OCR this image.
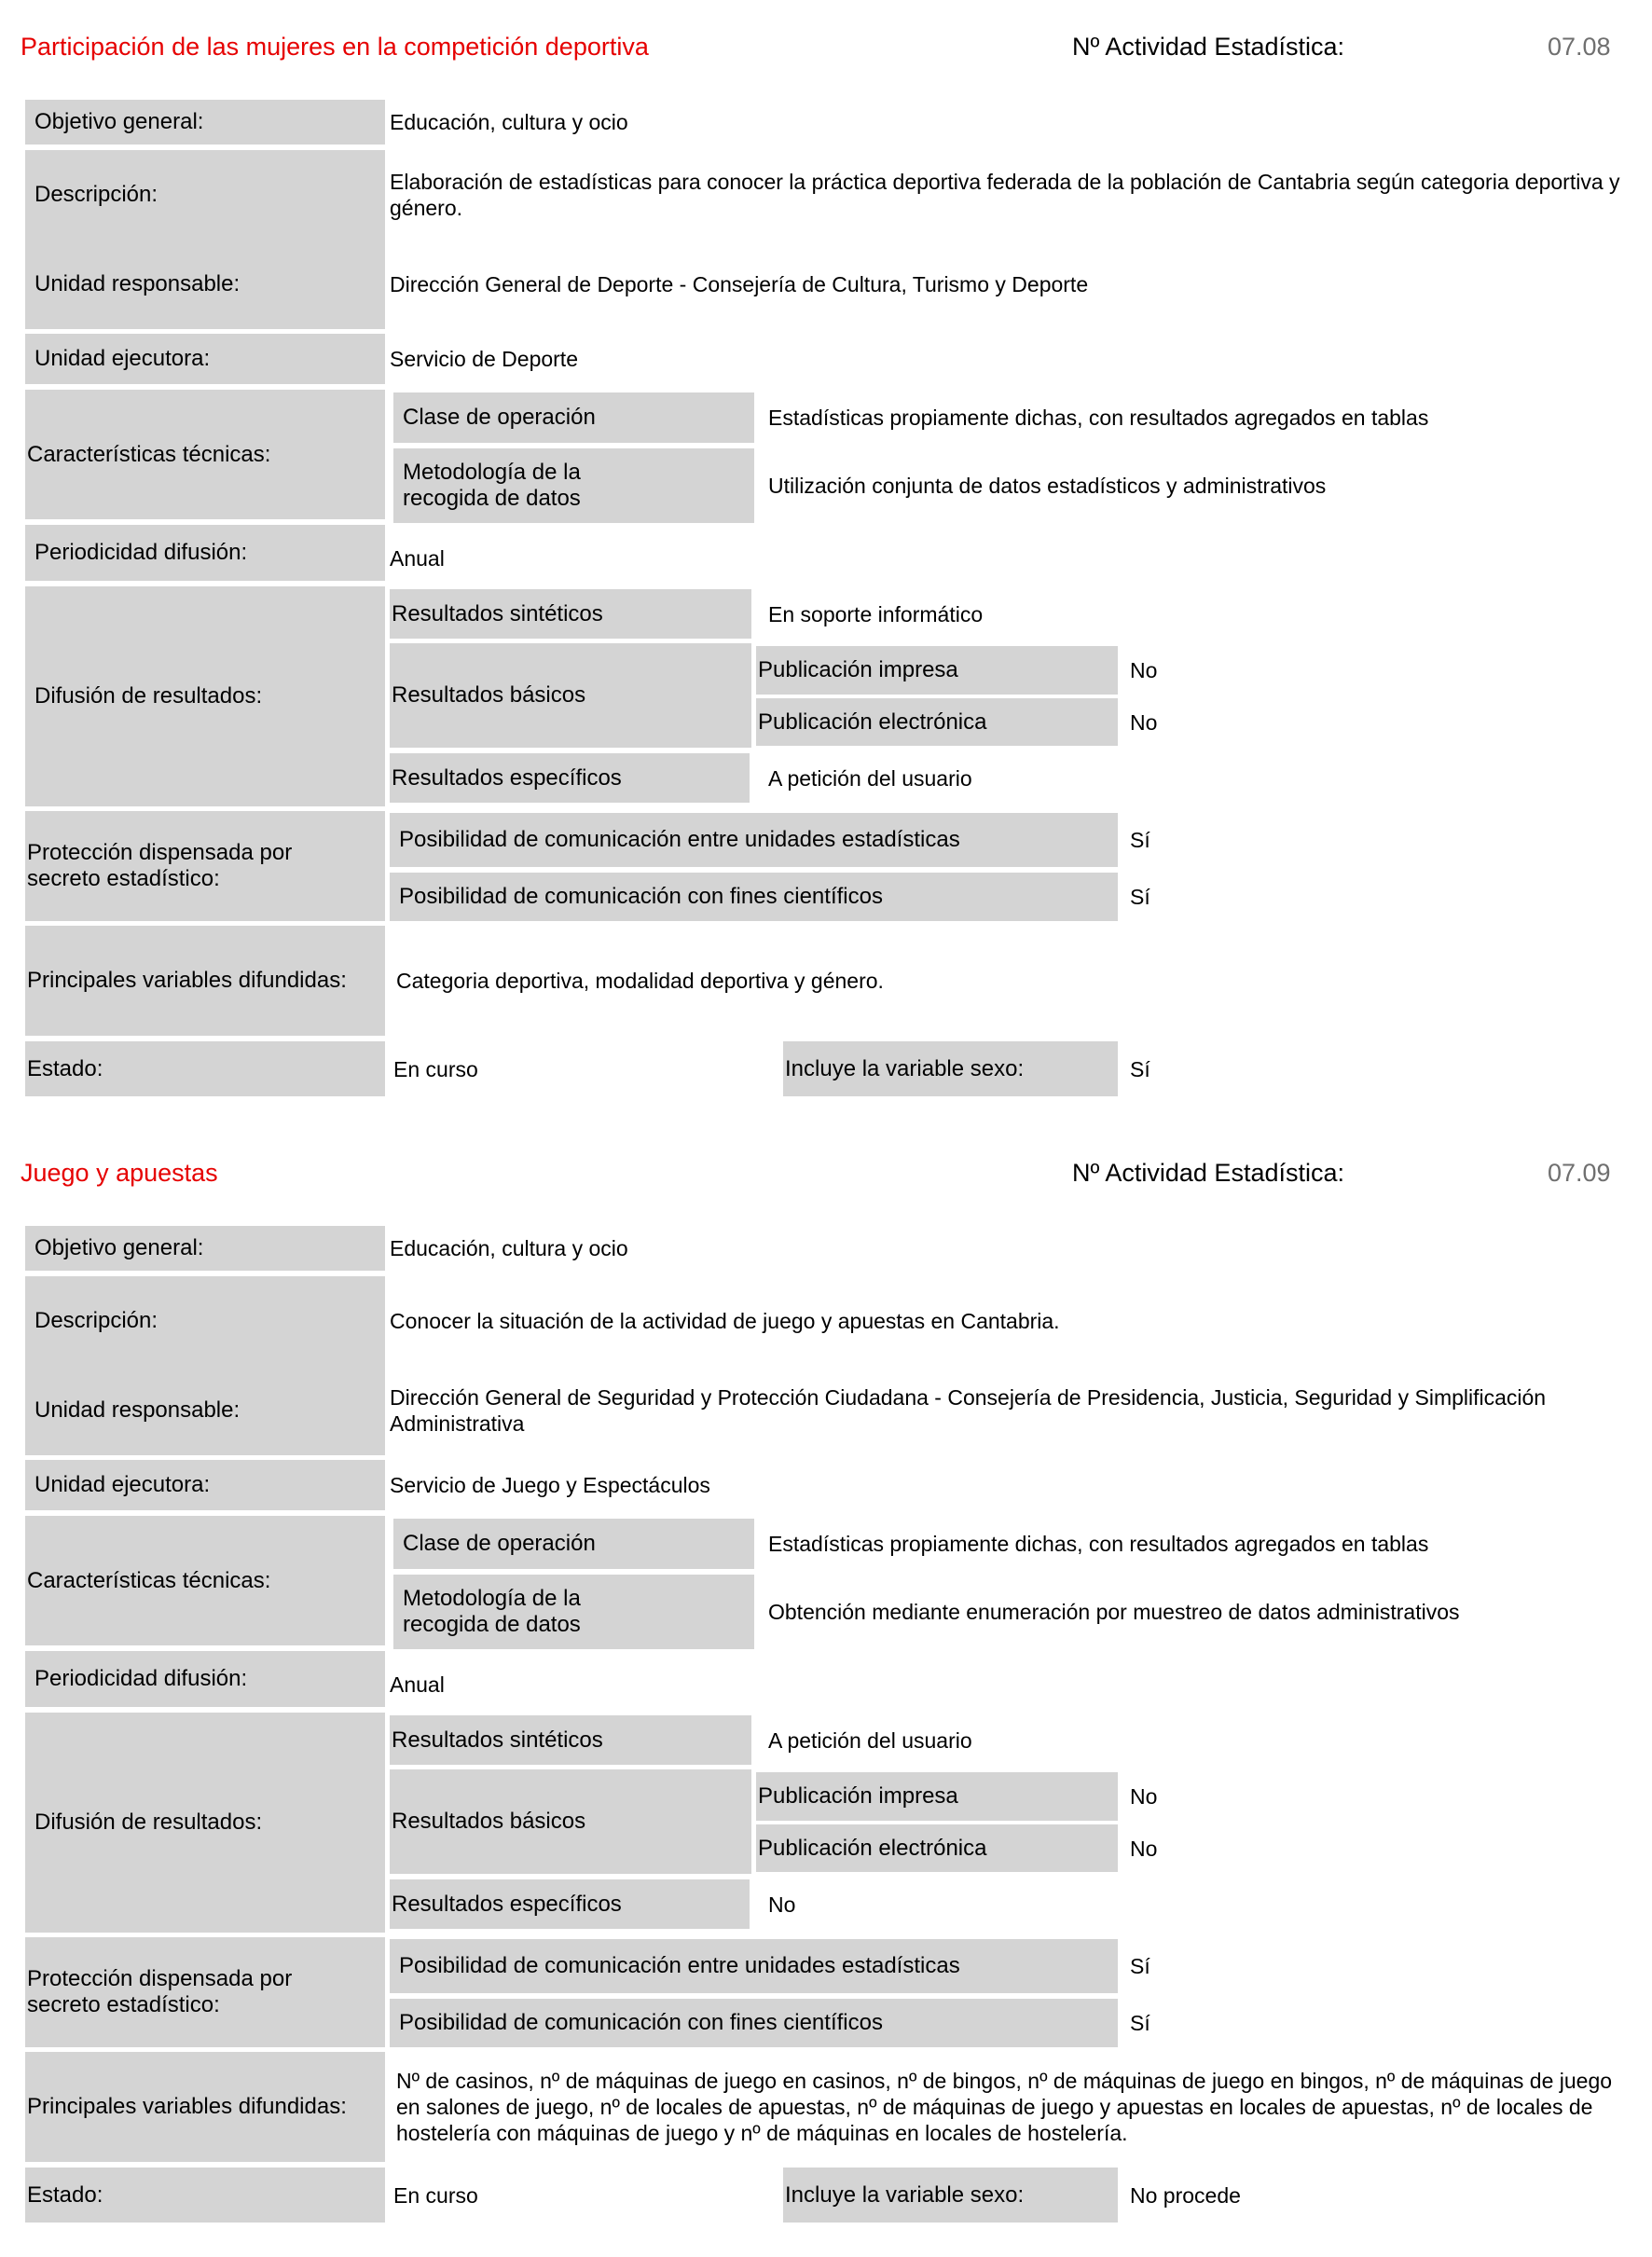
Participación de las mujeres en la competición deportiva	Nº Actividad Estadística:	07.08
Objetivo general:	Educación, cultura y ocio
Descripción:	Elaboración de estadísticas para conocer la práctica deportiva federada de la población de Cantabria según categoria deportiva y género.
Unidad responsable:	Dirección General de Deporte - Consejería de Cultura, Turismo y Deporte
Unidad ejecutora:	Servicio de Deporte
Características técnicas:
Clase de operación	Estadísticas propiamente dichas, con resultados agregados en tablas
Metodología de la recogida de datos	Utilización conjunta de datos estadísticos y administrativos
Periodicidad difusión:	Anual
Difusión de resultados:
Resultados sintéticos	En soporte informático
Resultados básicos
Publicación impresa	No
Publicación electrónica	No
Resultados específicos	A petición del usuario
Protección dispensada por secreto estadístico:
Posibilidad de comunicación entre unidades estadísticas	Sí
Posibilidad de comunicación con fines científicos	Sí
Principales variables difundidas:	Categoria deportiva, modalidad deportiva y género.
Estado:	En curso	Incluye la variable sexo:	Sí
Juego y apuestas	Nº Actividad Estadística:	07.09
Objetivo general:	Educación, cultura y ocio
Descripción:	Conocer la situación de la actividad de juego y apuestas en Cantabria.
Unidad responsable:	Dirección General de Seguridad y Protección Ciudadana - Consejería de Presidencia, Justicia, Seguridad y Simplificación Administrativa
Unidad ejecutora:	Servicio de Juego y Espectáculos
Características técnicas:
Clase de operación	Estadísticas propiamente dichas, con resultados agregados en tablas
Metodología de la recogida de datos	Obtención mediante enumeración por muestreo de datos administrativos
Periodicidad difusión:	Anual
Difusión de resultados:
Resultados sintéticos	A petición del usuario
Resultados básicos
Publicación impresa	No
Publicación electrónica	No
Resultados específicos	No
Protección dispensada por secreto estadístico:
Posibilidad de comunicación entre unidades estadísticas	Sí
Posibilidad de comunicación con fines científicos	Sí
Principales variables difundidas:
Nº de casinos, nº de máquinas de juego en casinos, nº de bingos, nº de máquinas de juego en bingos, nº de máquinas de juego en salones de juego, nº de locales de apuestas, nº de máquinas de juego y apuestas en locales de apuestas, nº de locales de hostelería con máquinas de juego y nº de máquinas en locales de hostelería.
Estado:	En curso	Incluye la variable sexo:	No procede
